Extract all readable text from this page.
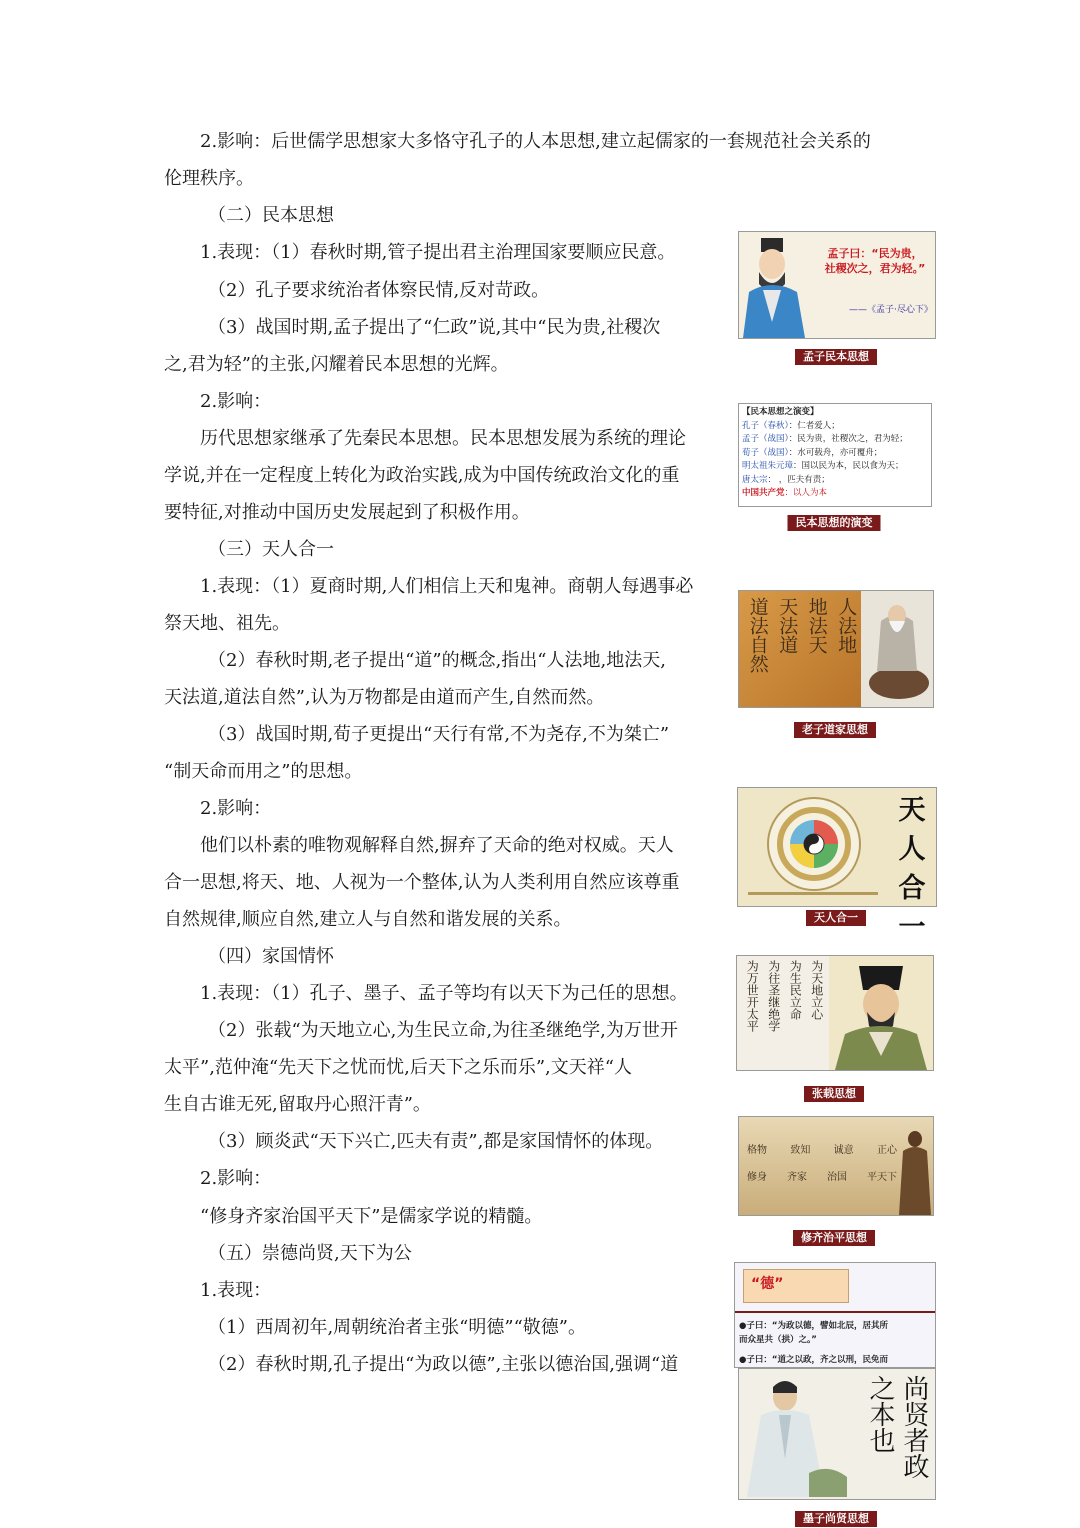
2.影响：后世儒学思想家大多恪守孔子的人本思想,建立起儒家的一套规范社会关系的
伦理秩序。
（二）民本思想
1.表现：（1）春秋时期,管子提出君主治理国家要顺应民意。
（2）孔子要求统治者体察民情,反对苛政。
（3）战国时期,孟子提出了“仁政”说,其中“民为贵,社稷次
之,君为轻”的主张,闪耀着民本思想的光辉。
2.影响：
历代思想家继承了先秦民本思想。民本思想发展为系统的理论
学说,并在一定程度上转化为政治实践,成为中国传统政治文化的重
要特征,对推动中国历史发展起到了积极作用。
（三）天人合一
1.表现：（1）夏商时期,人们相信上天和鬼神。商朝人每遇事必
祭天地、祖先。
（2）春秋时期,老子提出“道”的概念,指出“人法地,地法天,
天法道,道法自然”,认为万物都是由道而产生,自然而然。
（3）战国时期,荀子更提出“天行有常,不为尧存,不为桀亡”
“制天命而用之”的思想。
2.影响：
他们以朴素的唯物观解释自然,摒弃了天命的绝对权威。天人
合一思想,将天、地、人视为一个整体,认为人类利用自然应该尊重
自然规律,顺应自然,建立人与自然和谐发展的关系。
（四）家国情怀
1.表现：（1）孔子、墨子、孟子等均有以天下为己任的思想。
（2）张载“为天地立心,为生民立命,为往圣继绝学,为万世开
太平”,范仲淹“先天下之忧而忧,后天下之乐而乐”,文天祥“人
生自古谁无死,留取丹心照汗青”。
（3）顾炎武“天下兴亡,匹夫有责”,都是家国情怀的体现。
2.影响：
“修身齐家治国平天下”是儒家学说的精髓。
（五）崇德尚贤,天下为公
1.表现：
（1）西周初年,周朝统治者主张“明德”“敬德”。
（2）春秋时期,孔子提出“为政以德”,主张以德治国,强调“道
孟子曰：“民为贵，
社稷次之，君为轻。”
——《孟子·尽心下》
孟子民本思想
【民本思想之演变】
孔子（春秋）：仁者爱人；
孟子（战国）：民为贵，社稷次之，君为轻；
荀子（战国）：水可载舟，亦可覆舟；
明太祖朱元璋：国以民为本，民以食为天；
唐太宗： ，匹夫有责；
中国共产党：以人为本
民本思想的演变
人法地
地法天
天法道
道法自然
老子道家思想
天
人
合
一
天人合一
为天地立心
为生民立命
为往圣继绝学
为万世开太平
张载思想
格物 致知 诚意 正心
修身 齐家 治国 平天下
修齐治平思想
“德”
●子曰：“为政以德，譬如北辰，居其所
而众星共（拱）之。”
●子曰：“道之以政，齐之以刑，民免而
尚贤者政之本也
墨子尚贤思想
